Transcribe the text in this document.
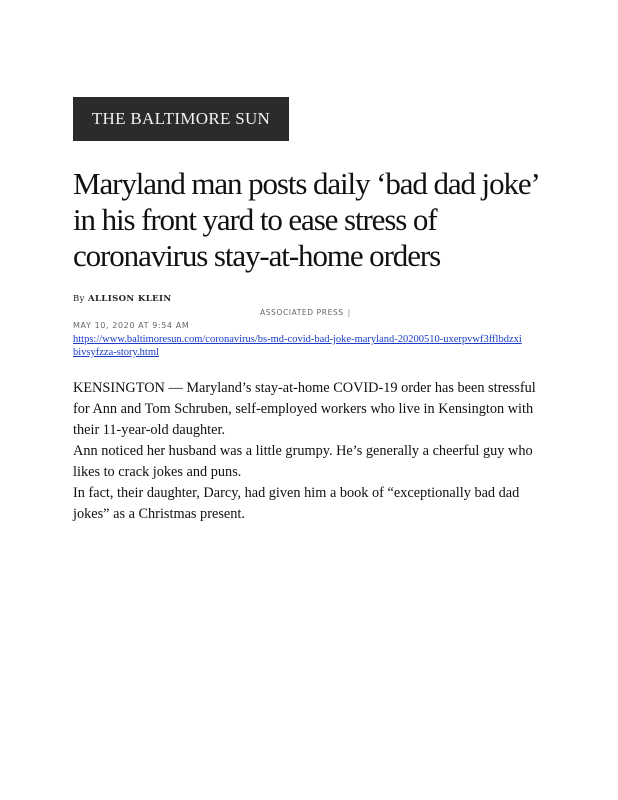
THE BALTIMORE SUN
Maryland man posts daily ‘bad dad joke’ in his front yard to ease stress of coronavirus stay-at-home orders
By ALLISON KLEIN
ASSOCIATED PRESS |
MAY 10, 2020 AT 9:54 AM
https://www.baltimoresun.com/coronavirus/bs-md-covid-bad-joke-maryland-20200510-uxerpvwf3fflbdzxibivsyfzza-story.html

KENSINGTON — Maryland’s stay-at-home COVID-19 order has been stressful for Ann and Tom Schruben, self-employed workers who live in Kensington with their 11-year-old daughter.

Ann noticed her husband was a little grumpy. He’s generally a cheerful guy who likes to crack jokes and puns.

In fact, their daughter, Darcy, had given him a book of “exceptionally bad dad jokes” as a Christmas present.
